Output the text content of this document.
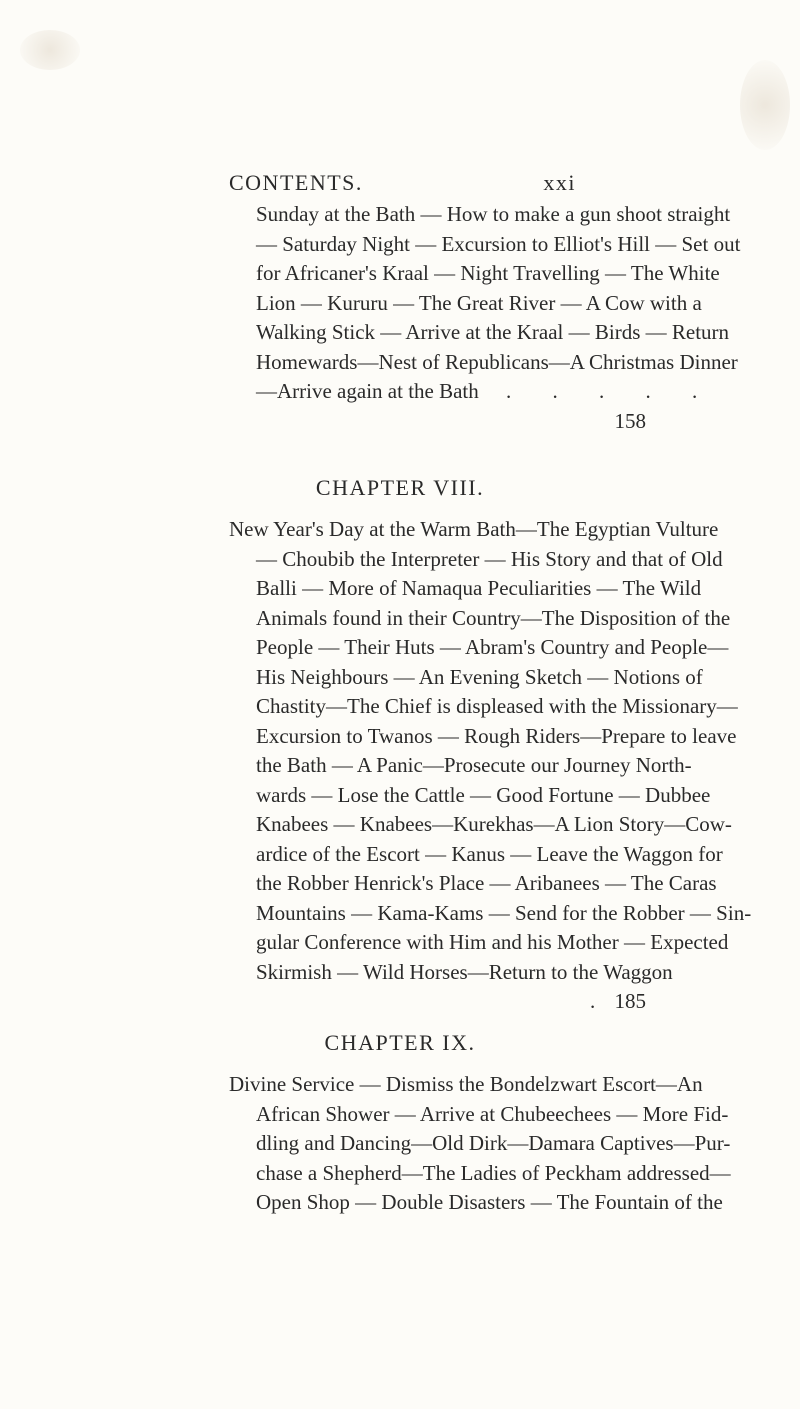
CONTENTS.	xxi
Sunday at the Bath — How to make a gun shoot straight
— Saturday Night — Excursion to Elliot's Hill — Set out
for Africaner's Kraal — Night Travelling — The White
Lion — Kururu — The Great River — A Cow with a
Walking Stick — Arrive at the Kraal — Birds — Return
Homewards—Nest of Republicans—A Christmas Dinner
—Arrive again at the Bath . . . . .
158
CHAPTER VIII.
New Year's Day at the Warm Bath—The Egyptian Vulture
— Choubib the Interpreter — His Story and that of Old
Balli — More of Namaqua Peculiarities — The Wild
Animals found in their Country—The Disposition of the
People — Their Huts — Abram's Country and People—
His Neighbours — An Evening Sketch — Notions of
Chastity—The Chief is displeased with the Missionary—
Excursion to Twanos — Rough Riders—Prepare to leave
the Bath — A Panic—Prosecute our Journey North-
wards — Lose the Cattle — Good Fortune — Dubbee
Knabees — Knabees—Kurekhas—A Lion Story—Cow-
ardice of the Escort — Kanus — Leave the Waggon for
the Robber Henrick's Place — Aribanees — The Caras
Mountains — Kama-Kams — Send for the Robber — Sin-
gular Conference with Him and his Mother — Expected
Skirmish — Wild Horses—Return to the Waggon
. 185
CHAPTER IX.
Divine Service — Dismiss the Bondelzwart Escort—An
African Shower — Arrive at Chubeechees — More Fid-
dling and Dancing—Old Dirk—Damara Captives—Pur-
chase a Shepherd—The Ladies of Peckham addressed—
Open Shop — Double Disasters — The Fountain of the
